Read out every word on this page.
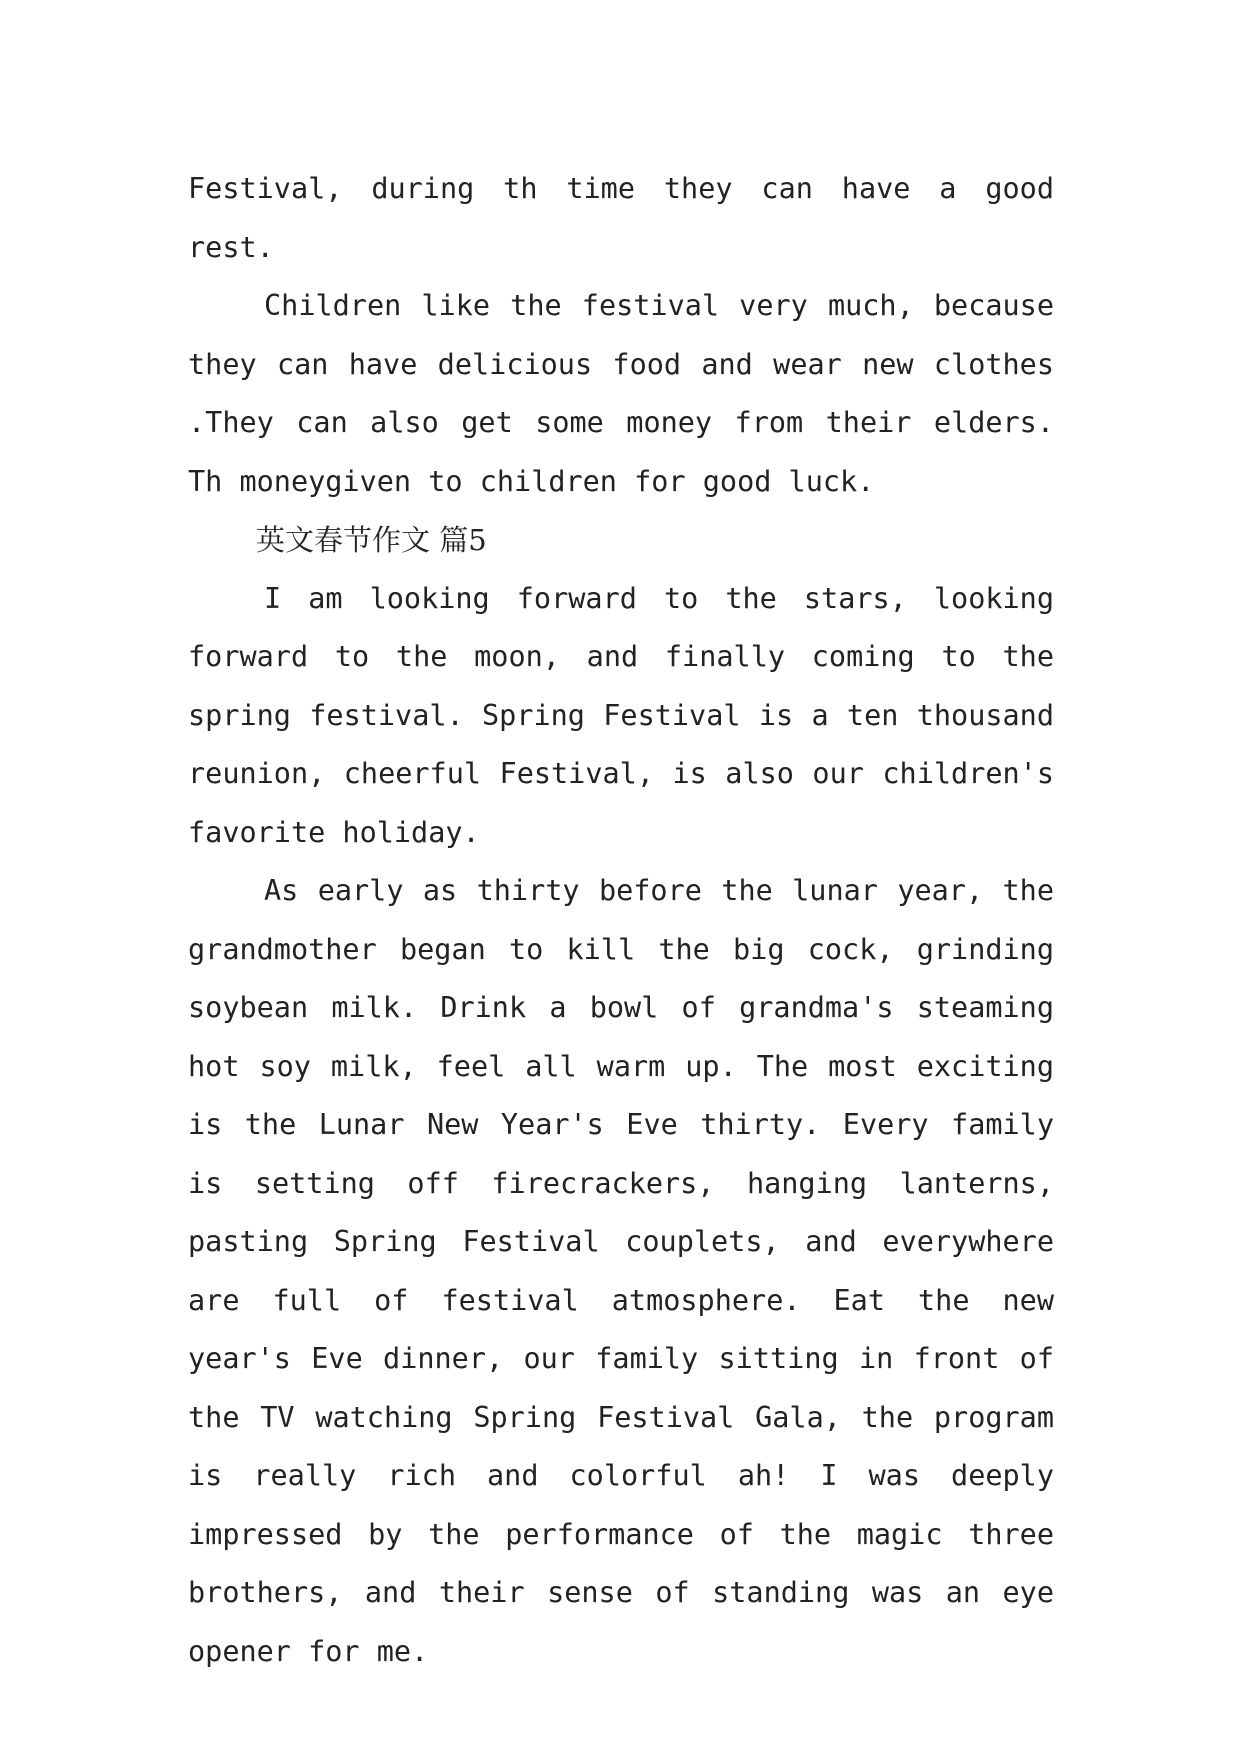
Festival, during th time they can have a good rest.

Children like the festival very much, because they can have delicious food and wear new clothes .They can also get some money from their elders. Th moneygiven to children for good luck.

英文春节作文 篇5

I am looking forward to the stars, looking forward to the moon, and finally coming to the spring festival. Spring Festival is a ten thousand reunion, cheerful Festival, is also our children's favorite holiday.

As early as thirty before the lunar year, the grandmother began to kill the big cock, grinding soybean milk. Drink a bowl of grandma's steaming hot soy milk, feel all warm up. The most exciting is the Lunar New Year's Eve thirty. Every family is setting off firecrackers, hanging lanterns, pasting Spring Festival couplets, and everywhere are full of festival atmosphere. Eat the new year's Eve dinner, our family sitting in front of the TV watching Spring Festival Gala, the program is really rich and colorful ah! I was deeply impressed by the performance of the magic three brothers, and their sense of standing was an eye opener for me.
